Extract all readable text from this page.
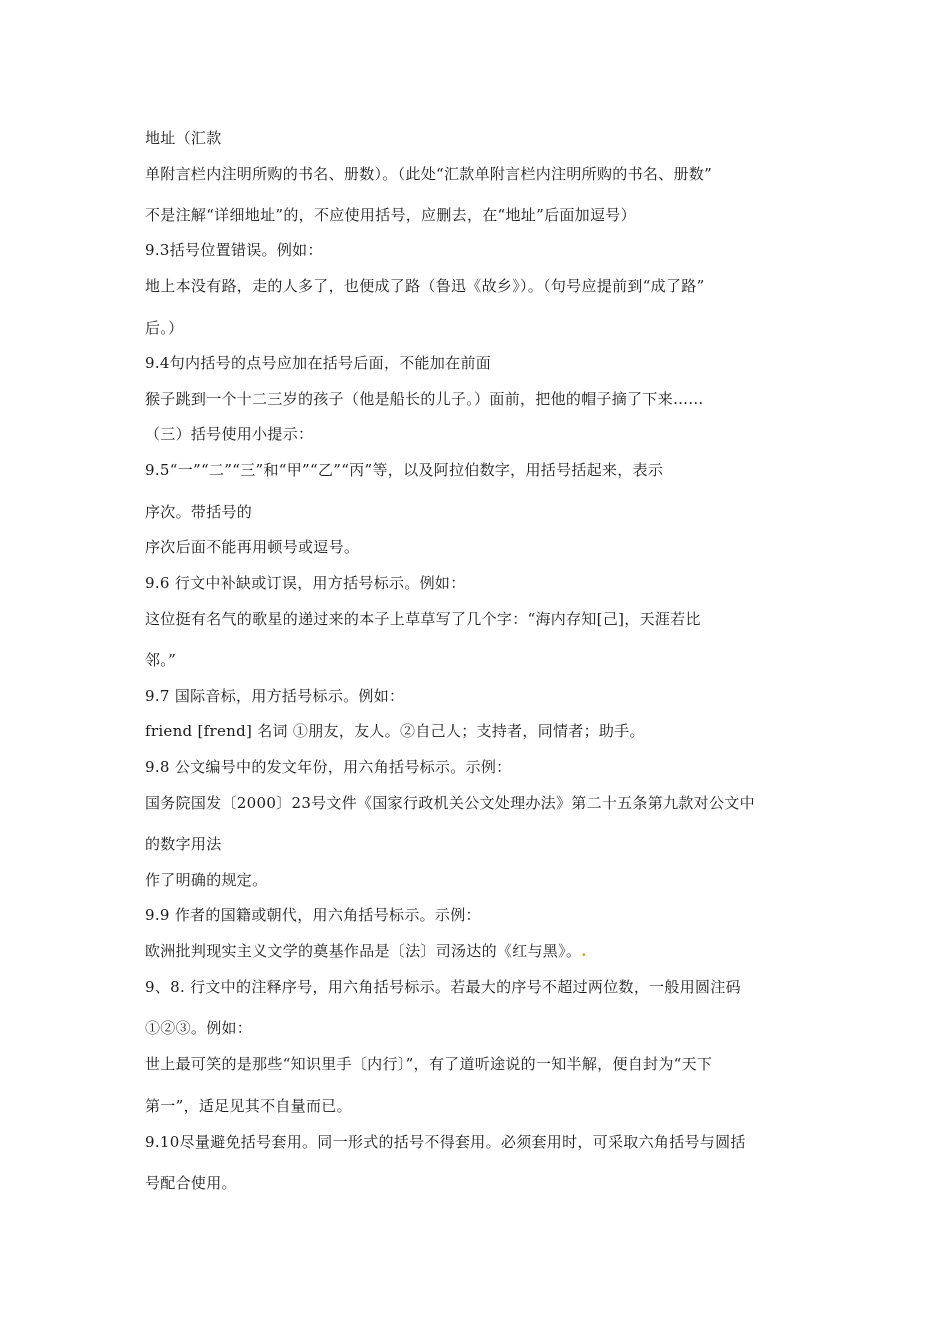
地址（汇款
单附言栏内注明所购的书名、册数）。（此处“汇款单附言栏内注明所购的书名、册数”
不是注解“详细地址”的，不应使用括号，应删去，在“地址”后面加逗号）
9.3括号位置错误。例如：
地上本没有路，走的人多了，也便成了路（鲁迅《故乡》）。（句号应提前到“成了路”
后。）
9.4句内括号的点号应加在括号后面，不能加在前面
猴子跳到一个十二三岁的孩子（他是船长的儿子。）面前，把他的帽子摘了下来……
（三）括号使用小提示：
9.5“一”“二”“三”和“甲”“乙”“丙”等，以及阿拉伯数字，用括号括起来，表示
序次。带括号的
序次后面不能再用顿号或逗号。
9.6 行文中补缺或订误，用方括号标示。例如：
这位挺有名气的歌星的递过来的本子上草草写了几个字：“海内存知[己]，天涯若比
邻。”
9.7 国际音标，用方括号标示。例如：
friend [frend] 名词 ①朋友，友人。②自己人；支持者，同情者；助手。
9.8 公文编号中的发文年份，用六角括号标示。示例：
国务院国发〔2000〕23号文件《国家行政机关公文处理办法》第二十五条第九款对公文中
的数字用法
作了明确的规定。
9.9 作者的国籍或朝代，用六角括号标示。示例：
欧洲批判现实主义文学的奠基作品是〔法〕司汤达的《红与黑》。.
9、8. 行文中的注释序号，用六角括号标示。若最大的序号不超过两位数，一般用圆注码
①②③。例如：
世上最可笑的是那些“知识里手〔内行〕”，有了道听途说的一知半解，便自封为“天下
第一”，适足见其不自量而已。
9.10尽量避免括号套用。同一形式的括号不得套用。必须套用时，可采取六角括号与圆括
号配合使用。
